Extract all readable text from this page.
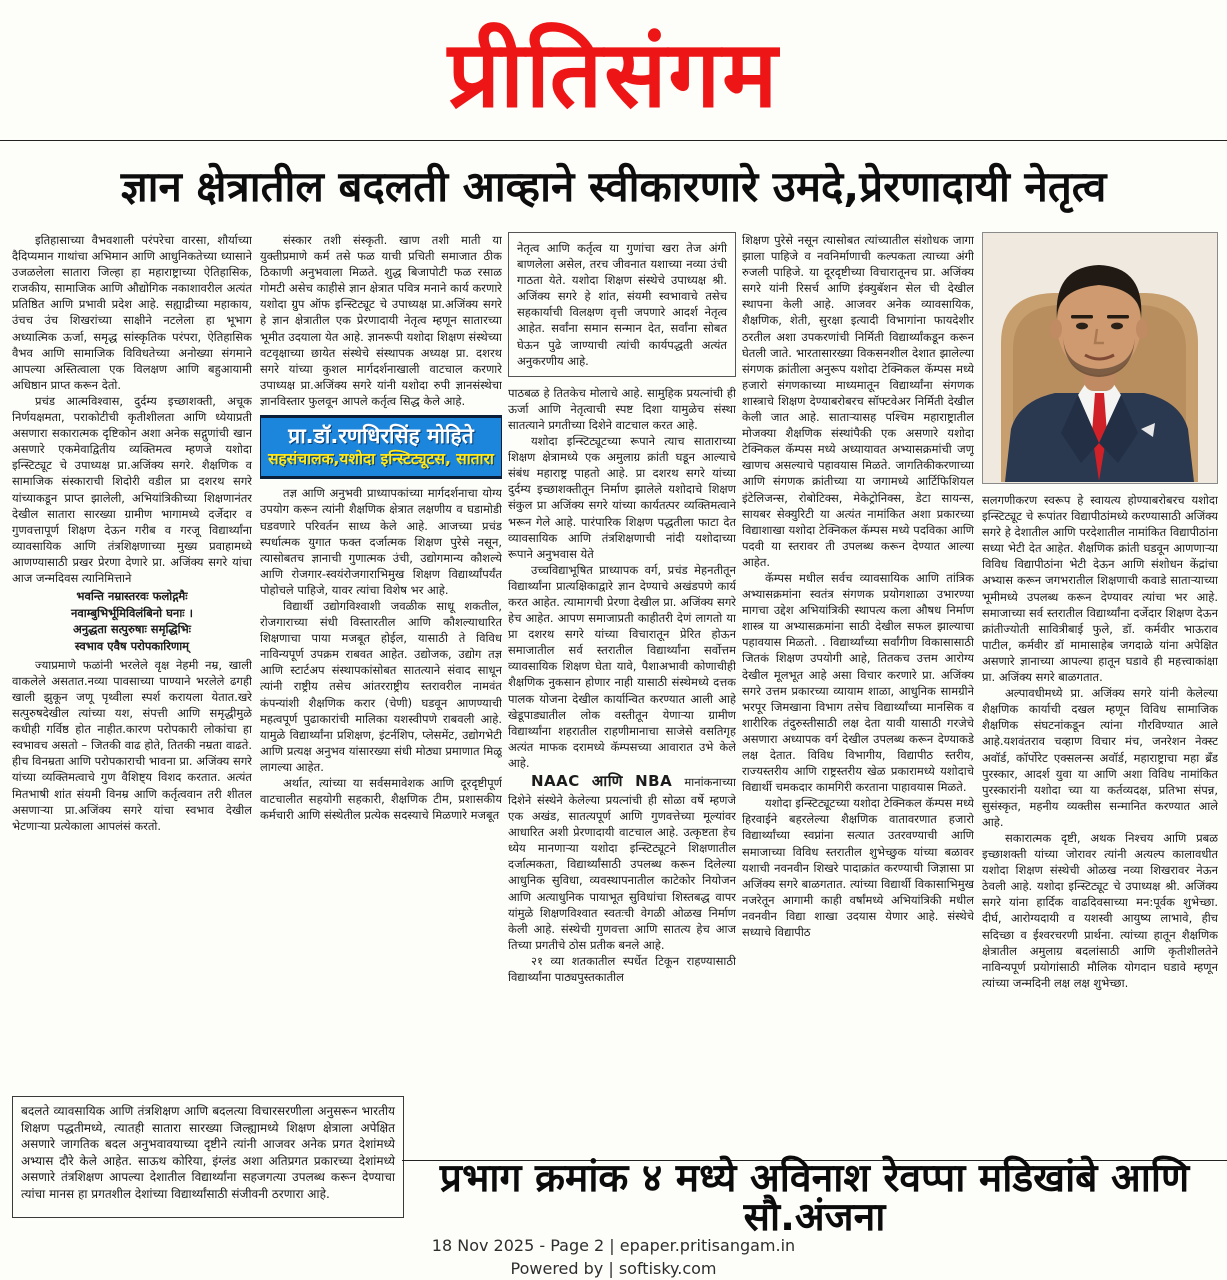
प्रीतिसंगम
ज्ञान क्षेत्रातील बदलती आव्हाने स्वीकारणारे उमदे,प्रेरणादायी नेतृत्व

इतिहासाच्या वैभवशाली परंपरेचा वारसा, शौर्याच्या दैदिप्यमान गाथांचा अभिमान आणि आधुनिकतेच्या ध्यासाने उजळलेला सातारा जिल्हा हा महाराष्ट्राच्या ऐतिहासिक, राजकीय, सामाजिक आणि औद्योगिक नकाशावरील अत्यंत प्रतिष्ठित आणि प्रभावी प्रदेश आहे. सह्याद्रीच्या महाकाय, उंचच उंच शिखरांच्या साक्षीने नटलेला हा भूभाग अध्यात्मिक ऊर्जा, समृद्ध सांस्कृतिक परंपरा, ऐतिहासिक वैभव आणि सामाजिक विविधतेच्या अनोख्या संगमाने आपल्या अस्तित्वाला एक विलक्षण आणि बहुआयामी अधिष्ठान प्राप्त करून देतो.

प्रचंड आत्मविश्वास, दुर्दम्य इच्छाशक्ती, अचूक निर्णयक्षमता, पराकोटीची कृतीशीलता आणि ध्येयाप्रती असणारा सकारात्मक दृष्टिकोन अशा अनेक सद्गुणांची खान असणारे एकमेवाद्वितीय व्यक्तिमत्व म्हणजे यशोदा इन्स्टिट्यूट चे उपाध्यक्ष प्रा.अजिंक्य सगरे. शैक्षणिक व सामाजिक संस्काराची शिदोरी वडील प्रा दशरथ सगरे यांच्याकडून प्राप्त झालेली, अभियांत्रिकीच्या शिक्षणानंतर देखील सातारा सारख्या ग्रामीण भागामध्ये दर्जेदार व गुणवत्तापूर्ण शिक्षण देऊन गरीब व गरजू विद्यार्थ्यांना व्यावसायिक आणि तंत्रशिक्षणाच्या मुख्य प्रवाहामध्ये आणण्यासाठी प्रखर प्रेरणा देणारे प्रा. अजिंक्य सगरे यांचा आज जन्मदिवस त्यानिमित्ताने

भवन्ति नम्रास्तरवः फलोद्गमैः
नवाम्बुभिर्भूमिविलंबिनो घनाः ।
अनुद्धता सत्पुरुषाः समृद्धिभिः
स्वभाव एवैष परोपकारिणाम्

ज्याप्रमाणे फळांनी भरलेले वृक्ष नेहमी नम्र, खाली वाकलेले असतात.नव्या पावसाच्या पाण्याने भरलेले ढगही खाली झुकून जणू पृथ्वीला स्पर्श करायला येतात.खरे सत्पुरुषदेखील त्यांच्या यश, संपत्ती आणि समृद्धीमुळे कधीही गर्विष्ठ होत नाहीत.कारण परोपकारी लोकांचा हा स्वभावच असतो – जितकी वाढ होते, तितकी नम्रता वाढते. हीच विनम्रता आणि परोपकाराची भावना प्रा. अजिंक्य सगरे यांच्या व्यक्तिमत्वाचे गुण वैशिष्ट्य विशद करतात. अत्यंत मितभाषी शांत संयमी विनम्र आणि कर्तृत्ववान तरी शीतल असणाऱ्या प्रा.अजिंक्य सगरे यांचा स्वभाव देखील भेटणाऱ्या प्रत्येकाला आपलंसं करतो.

संस्कार तशी संस्कृती. खाण तशी माती या युक्तीप्रमाणे कर्म तसे फळ याची प्रचिती समाजात ठीक ठिकाणी अनुभवाला मिळते. शुद्ध बिजापोटी फळ रसाळ गोमटी असेच काहीसे ज्ञान क्षेत्रात पवित्र मनाने कार्य करणारे यशोदा ग्रुप ऑफ इन्स्टिट्यूट चे उपाध्यक्ष प्रा.अजिंक्य सगरे हे ज्ञान क्षेत्रातील एक प्रेरणादायी नेतृत्व म्हणून सातारच्या भूमीत उदयाला येत आहे. ज्ञानरूपी यशोदा शिक्षण संस्थेच्या वटवृक्षाच्या छायेत संस्थेचे संस्थापक अध्यक्ष प्रा. दशरथ सगरे यांच्या कुशल मार्गदर्शनाखाली वाटचाल करणारे उपाध्यक्ष प्रा.अजिंक्य सगरे यांनी यशोदा रुपी ज्ञानसंस्थेचा ज्ञानविस्तार फुलवून आपले कर्तृत्व सिद्ध केले आहे.

प्रा.डॉ.रणधिरसिंह मोहिते
सहसंचालक,यशोदा इन्स्टिट्यूटस, सातारा

तज्ञ आणि अनुभवी प्राध्यापकांच्या मार्गदर्शनाचा योग्य उपयोग करून त्यांनी शैक्षणिक क्षेत्रात लक्षणीय व घडामोडी घडवणारे परिवर्तन साध्य केले आहे. आजच्या प्रचंड स्पर्धात्मक युगात फक्त दर्जात्मक शिक्षण पुरेसे नसून, त्यासोबतच ज्ञानाची गुणात्मक उंची, उद्योगमान्य कौशल्ये आणि रोजगार-स्वयंरोजगाराभिमुख शिक्षण विद्यार्थ्यांपर्यंत पोहोचले पाहिजे, यावर त्यांचा विशेष भर आहे.

विद्यार्थी उद्योगविश्वाशी जवळीक साधू शकतील, रोजगाराच्या संधी विस्तारतील आणि कौशल्याधारित शिक्षणाचा पाया मजबूत होईल, यासाठी ते विविध नाविन्यपूर्ण उपक्रम राबवत आहेत. उद्योजक, उद्योग तज्ञ आणि स्टार्टअप संस्थापकांसोबत सातत्याने संवाद साधून त्यांनी राष्ट्रीय तसेच आंतरराष्ट्रीय स्तरावरील नामवंत कंपन्यांशी शैक्षणिक करार (चेणी) घडवून आणण्याची महत्वपूर्ण पुढाकारांची मालिका यशस्वीपणे राबवली आहे. यामुळे विद्यार्थ्यांना प्रशिक्षण, इंटर्नशिप, प्लेसमेंट, उद्योगभेटी आणि प्रत्यक्ष अनुभव यांसारख्या संधी मोठ्या प्रमाणात मिळू लागल्या आहेत.

अर्थात, त्यांच्या या सर्वसमावेशक आणि दूरदृष्टीपूर्ण वाटचालीत सहयोगी सहकारी, शैक्षणिक टीम, प्रशासकीय कर्मचारी आणि संस्थेतील प्रत्येक सदस्याचे मिळणारे मजबूत

नेतृत्व आणि कर्तृत्व या गुणांचा खरा तेज अंगी बाणलेला असेल, तरच जीवनात यशाच्या नव्या उंची गाठता येते. यशोदा शिक्षण संस्थेचे उपाध्यक्ष श्री. अजिंक्य सगरे हे शांत, संयमी स्वभावाचे तसेच सहकार्याची विलक्षण वृत्ती जपणारे आदर्श नेतृत्व आहेत. सर्वांना समान सन्मान देत, सर्वांना सोबत घेऊन पुढे जाण्याची त्यांची कार्यपद्धती अत्यंत अनुकरणीय आहे.

पाठबळ हे तितकेच मोलाचे आहे. सामुहिक प्रयत्नांची ही ऊर्जा आणि नेतृत्वाची स्पष्ट दिशा यामुळेच संस्था सातत्याने प्रगतीच्या दिशेने वाटचाल करत आहे.

यशोदा इन्स्टिट्यूटच्या रूपाने त्याच साताराच्या शिक्षण क्षेत्रामध्ये एक अमुलाग्र क्रांती घडून आल्याचे संबंध महाराष्ट्र पाहतो आहे. प्रा दशरथ सगरे यांच्या दुर्दम्य इच्छाशक्तीतून निर्माण झालेले यशोदाचे शिक्षण संकुल प्रा अजिंक्य सगरे यांच्या कार्यतत्पर व्यक्तिमत्वाने भरून गेले आहे. पारंपारिक शिक्षण पद्धतीला फाटा देत व्यावसायिक आणि तंत्रशिक्षणाची नांदी यशोदाच्या रूपाने अनुभवास येते

उच्चविद्याभूषित प्राध्यापक वर्ग, प्रचंड मेहनतीतून विद्यार्थ्यांना प्रात्यक्षिकाद्वारे ज्ञान देण्याचे अखंडपणे कार्य करत आहेत. त्यामागची प्रेरणा देखील प्रा. अजिंक्य सगरे हेच आहेत. आपण समाजाप्रती काहीतरी देणं लागतो या प्रा दशरथ सगरे यांच्या विचारातून प्रेरित होऊन समाजातील सर्व स्तरातील विद्यार्थ्यांना सर्वोत्तम व्यावसायिक शिक्षण घेता यावे, पैशाअभावी कोणाचीही शैक्षणिक नुकसान होणार नाही यासाठी संस्थेमध्ये दत्तक पालक योजना देखील कार्यान्वित करण्यात आली आहे खेडूपाड्यातील लोक वस्तीतून येणाऱ्या ग्रामीण विद्यार्थ्यांना शहरातील राहणीमानाचा साजेसे वसतिगृह अत्यंत माफक दरामध्ये कॅम्पसच्या आवारात उभे केले आहे.

NAAC आणि NBA मानांकनाच्या दिशेने संस्थेने केलेल्या प्रयत्नांची ही सोळा वर्षे म्हणजे एक अखंड, सातत्यपूर्ण आणि गुणवत्तेच्या मूल्यांवर आधारित अशी प्रेरणादायी वाटचाल आहे. उत्कृष्टता हेच ध्येय मानणाऱ्या यशोदा इन्स्टिट्यूटने शिक्षणातील दर्जात्मकता, विद्यार्थ्यांसाठी उपलब्ध करून दिलेल्या आधुनिक सुविधा, व्यवस्थापनातील काटेकोर नियोजन आणि अत्याधुनिक पायाभूत सुविधांचा शिस्तबद्ध वापर यांमुळे शिक्षणविश्वात स्वतःची वेगळी ओळख निर्माण केली आहे. संस्थेची गुणवत्ता आणि सातत्य हेच आज तिच्या प्रगतीचे ठोस प्रतीक बनले आहे.

२१ व्या शतकातील स्पर्धेत टिकून राहण्यासाठी विद्यार्थ्यांना पाठ्यपुस्तकातील

शिक्षण पुरेसे नसून त्यासोबत त्यांच्यातील संशोधक जागा झाला पाहिजे व नवनिर्माणाची कल्पकता त्याच्या अंगी रुजली पाहिजे. या दूरदृष्टीच्या विचारातूनच प्रा. अजिंक्य सगरे यांनी रिसर्च आणि इंक्युबॅशन सेल ची देखील स्थापना केली आहे. आजवर अनेक व्यावसायिक, शैक्षणिक, शेती, सुरक्षा इत्यादी विभागांना फायदेशीर ठरतील अशा उपकरणांची निर्मिती विद्यार्थ्यांकडून करून घेतली जाते. भारतासारख्या विकसनशील देशात झालेल्या संगणक क्रांतीला अनुरूप यशोदा टेक्निकल कॅम्पस मध्ये हजारो संगणकाच्या माध्यमातून विद्यार्थ्यांना संगणक शास्त्राचे शिक्षण देण्याबरोबरच सॉफ्टवेअर निर्मिती देखील केली जात आहे. साताऱ्यासह पश्चिम महाराष्ट्रातील मोजक्या शैक्षणिक संस्थांपैकी एक असणारे यशोदा टेक्निकल कॅम्पस मध्ये अध्यायावत अभ्यासक्रमांची जणू खाणच असल्याचे पहावयास मिळते. जागतिकीकरणाच्या आणि संगणक क्रांतीच्या या जगामध्ये आर्टिफिशियल इंटेलिजन्स, रोबोटिक्स, मेकेट्रोनिक्स, डेटा सायन्स, सायबर सेक्युरिटी या अत्यंत नामांकित अशा प्रकारच्या विद्याशाखा यशोदा टेक्निकल कॅम्पस मध्ये पदविका आणि पदवी या स्तरावर ती उपलब्ध करून देण्यात आल्या आहेत.

कॅम्पस मधील सर्वच व्यावसायिक आणि तांत्रिक अभ्यासक्रमांना स्वतंत्र संगणक प्रयोगशाळा उभारण्या मागचा उद्देश अभियांत्रिकी स्थापत्य कला औषध निर्माण शास्त्र या अभ्यासक्रमांना साठी देखील सफल झाल्याचा पहावयास मिळतो. . विद्यार्थ्यांच्या सर्वांगीण विकासासाठी जितकं शिक्षण उपयोगी आहे, तितकच उत्तम आरोग्य देखील मूलभूत आहे असा विचार करणारे प्रा. अजिंक्य सगरे उत्तम प्रकारच्या व्यायाम शाळा, आधुनिक सामग्रीने भरपूर जिमखाना विभाग तसेच विद्यार्थ्यांच्या मानसिक व शारीरिक तंदुरुस्तीसाठी लक्ष देता यावी यासाठी गरजेचे असणारा अध्यापक वर्ग देखील उपलब्ध करून देण्याकडे लक्ष देतात. विविध विभागीय, विद्यापीठ स्तरीय, राज्यस्तरीय आणि राष्ट्रस्तरीय खेळ प्रकारामध्ये यशोदाचे विद्यार्थी चमकदार कामगिरी करताना पाहावयास मिळते.

यशोदा इन्स्टिट्यूटच्या यशोदा टेक्निकल कॅम्पस मध्ये हिरवाईने बहरलेल्या शैक्षणिक वातावरणात हजारो विद्यार्थ्यांच्या स्वप्नांना सत्यात उतरवण्याची आणि समाजाच्या विविध स्तरातील शुभेच्छुक यांच्या बळावर यशाची नवनवीन शिखरे पादाक्रांत करण्याची जिज्ञासा प्रा अजिंक्य सगरे बाळगतात. त्यांच्या विद्यार्थी विकासाभिमुख नजरेतून आगामी काही वर्षांमध्ये अभियांत्रिकी मधील नवनवीन विद्या शाखा उदयास येणार आहे. संस्थेचे सध्याचे विद्यापीठ

सलगणीकरण स्वरूप हे स्वायत्य होण्याबरोबरच यशोदा इन्स्टिट्यूट चे रूपांतर विद्यापीठांमध्ये करण्यासाठी अजिंक्य सगरे हे देशातील आणि परदेशातील नामांकित विद्यापीठांना सध्या भेटी देत आहेत. शैक्षणिक क्रांती घडवून आणणाऱ्या विविध विद्यापीठांना भेटी देऊन आणि संशोधन केंद्रांचा अभ्यास करून जगभरातील शिक्षणाची कवाडे साताऱ्याच्या भूमीमध्ये उपलब्ध करून देण्यावर त्यांचा भर आहे. समाजाच्या सर्व स्तरातील विद्यार्थ्यांना दर्जेदार शिक्षण देऊन क्रांतीज्योती सावित्रीबाई फुले, डॉ. कर्मवीर भाऊराव पाटील, कर्मवीर डॉ मामासाहेब जगदाळे यांना अपेक्षित असणारे ज्ञानाच्या आपल्या हातून घडावे ही महत्त्वाकांक्षा प्रा. अजिंक्य सगरे बाळगतात.

अल्पावधीमध्ये प्रा. अजिंक्य सगरे यांनी केलेल्या शैक्षणिक कार्याची दखल म्हणून विविध सामाजिक शैक्षणिक संघटनांकडून त्यांना गौरविण्यात आले आहे.यशवंतराव चव्हाण विचार मंच, जनरेशन नेक्स्ट अवॉर्ड, कॉर्पोरेट एक्सलन्स अवॉर्ड, महाराष्ट्राचा महा ब्रँड पुरस्कार, आदर्श युवा या आणि अशा विविध नामांकित पुरस्कारांनी यशोदा च्या या कर्तव्यदक्ष, प्रतिभा संपन्न, सुसंस्कृत, महनीय व्यक्तीस सन्मानित करण्यात आले आहे.

सकारात्मक दृष्टी, अथक निश्चय आणि प्रबळ इच्छाशक्ती यांच्या जोरावर त्यांनी अत्यल्प कालावधीत यशोदा शिक्षण संस्थेची ओळख नव्या शिखरावर नेऊन ठेवली आहे. यशोदा इन्स्टिट्यूट चे उपाध्यक्ष श्री. अजिंक्य सगरे यांना हार्दिक वाढदिवसाच्या मन:पूर्वक शुभेच्छा. दीर्घ, आरोग्यदायी व यशस्वी आयुष्य लाभावे, हीच सदिच्छा व ईश्वरचरणी प्रार्थना. त्यांच्या हातून शैक्षणिक क्षेत्रातील अमुलाग्र बदलांसाठी आणि कृतीशीलतेने नाविन्यपूर्ण प्रयोगांसाठी मौलिक योगदान घडावे म्हणून त्यांच्या जन्मदिनी लक्ष लक्ष शुभेच्छा.

बदलते व्यावसायिक आणि तंत्रशिक्षण आणि बदलत्या विचारसरणीला अनुसरून भारतीय शिक्षण पद्धतीमध्ये, त्यातही सातारा सारख्या जिल्ह्यामध्ये शिक्षण क्षेत्राला अपेक्षित असणारे जागतिक बदल अनुभवावयाच्या दृष्टीने त्यांनी आजवर अनेक प्रगत देशांमध्ये अभ्यास दौरे केले आहेत. साऊथ कोरिया, इंग्लंड अशा अतिप्रगत प्रकारच्या देशांमध्ये असणारे तंत्रशिक्षण आपल्या देशातील विद्यार्थ्यांना सहजगत्या उपलब्ध करून देण्याचा त्यांचा मानस हा प्रगतशील देशांच्या विद्यार्थ्यांसाठी संजीवनी ठरणारा आहे.	प्रभाग क्रमांक ४ मध्ये अविनाश रेवप्पा मडिखांबे आणि सौ.अंजना
18 Nov 2025 - Page 2 | epaper.pritisangam.in
Powered by | softisky.com
